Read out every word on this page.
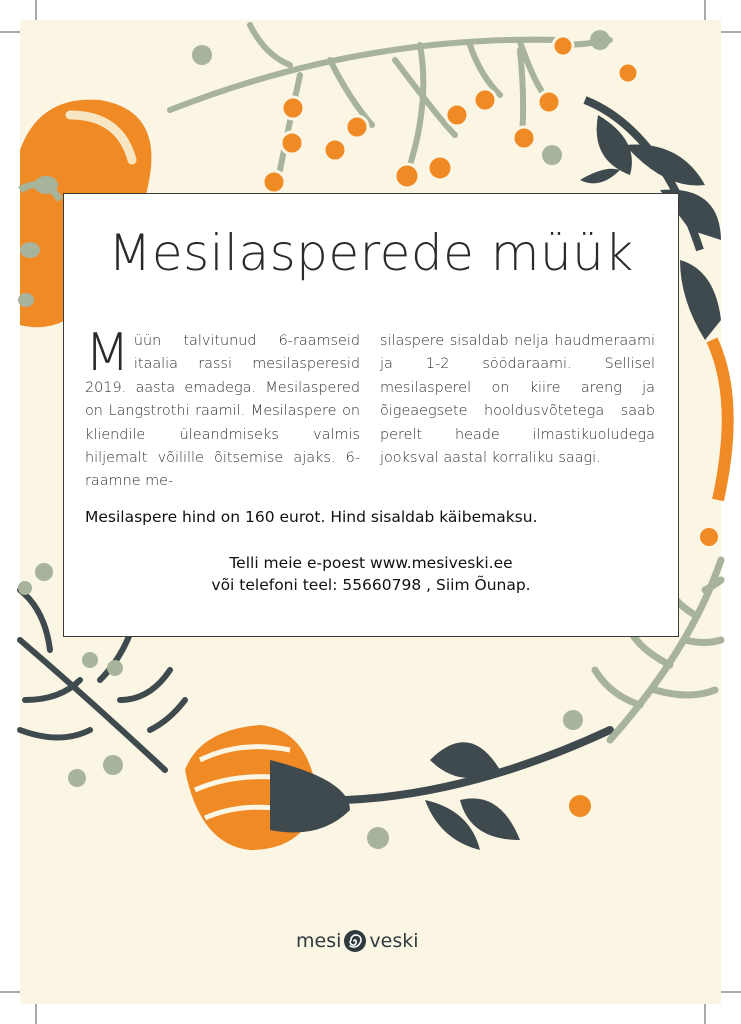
Mesilasperede müük
Müün talvitunud 6-raamseid itaalia rassi mesilasperesid 2019. aasta emadega. Mesilaspered on Langstrothi raamil. Mesilaspere on kliendile üleandmiseks valmis hiljemalt võilille õitsemise ajaks. 6-raamne me-
silaspere sisaldab nelja haudmeraami ja 1-2 söödaraami. Sellisel mesilasperel on kiire areng ja õigeaegsete hooldusvõtetega saab perelt heade ilmastikuoludega jooksval aastal korraliku saagi.
Mesilaspere hind on 160 eurot. Hind sisaldab käibemaksu.
Telli meie e-poest www.mesiveski.ee
või telefoni teel: 55660798 , Siim Õunap.
mesi veski
